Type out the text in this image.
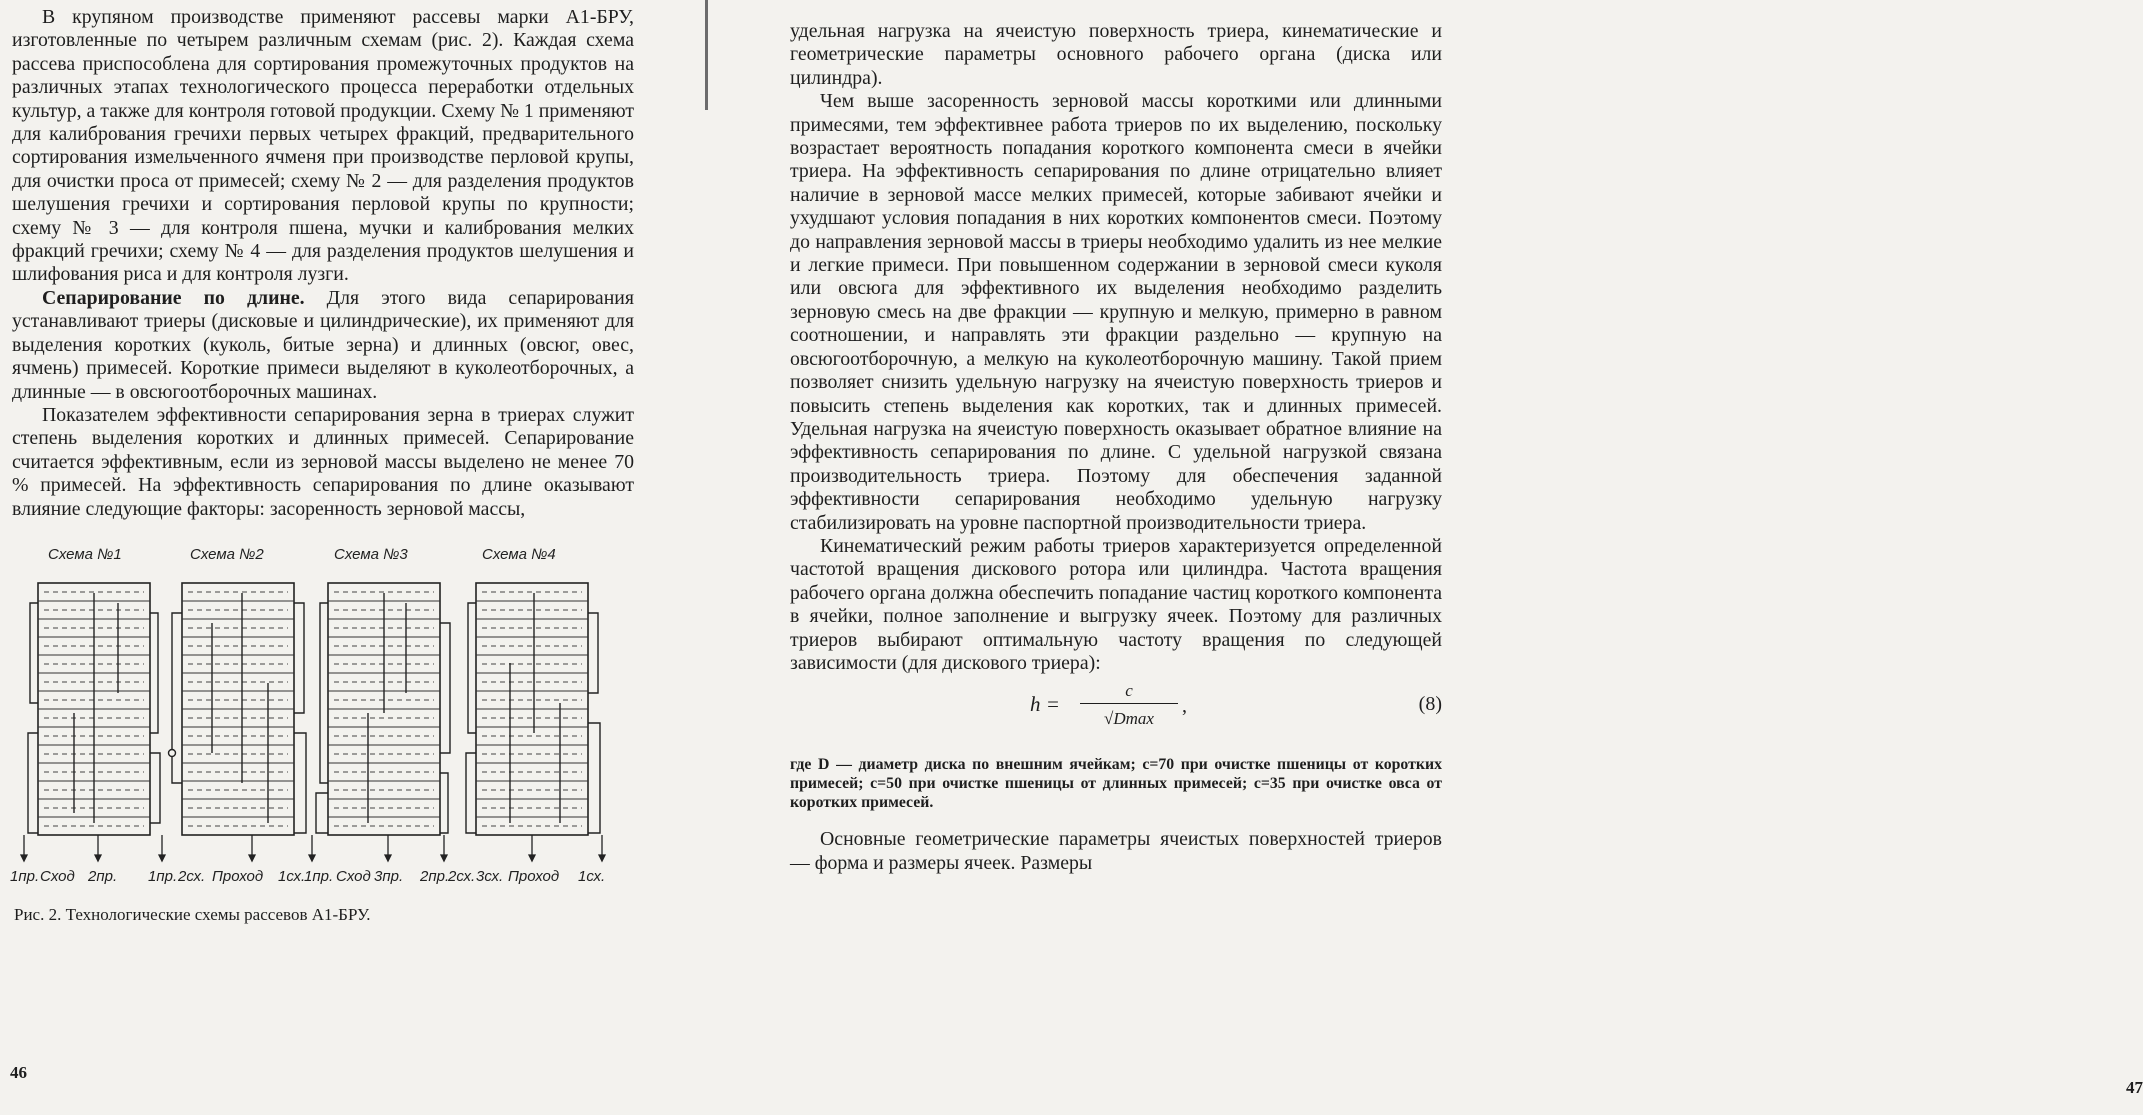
В крупяном производстве применяют рассевы марки А1-БРУ, изготовленные по четырем различным схемам (рис. 2). Каждая схема рассева приспособлена для сортирования промежуточных продуктов на различных этапах технологического процесса переработки отдельных культур, а также для контроля готовой продукции. Схему № 1 применяют для калибрования гречихи первых четырех фракций, предварительного сортирования измельченного ячменя при производстве перловой крупы, для очистки проса от примесей; схему № 2 — для разделения продуктов шелушения гречихи и сортирования перловой крупы по крупности; схему № 3 — для контроля пшена, мучки и калибрования мелких фракций гречихи; схему № 4 — для разделения продуктов шелушения и шлифования риса и для контроля лузги.

Сепарирование по длине. Для этого вида сепарирования устанавливают триеры (дисковые и цилиндрические), их применяют для выделения коротких (куколь, битые зерна) и длинных (овсюг, овес, ячмень) примесей. Короткие примеси выделяют в куколеотборочных, а длинные — в овсюгоотборочных машинах.

Показателем эффективности сепарирования зерна в триерах служит степень выделения коротких и длинных примесей. Сепарирование считается эффективным, если из зерновой массы выделено не менее 70 % примесей. На эффективность сепарирования по длине оказывают влияние следующие факторы: засоренность зерновой массы,

Схема №1	Схема №2	Схема №3	Схема №4
1пр. Сход 2пр. 1пр. 2сх. Проход 1сх.
1пр. Сход 3пр. 2пр.
2сх. 3сх. Проход 1сх.
Рис. 2. Технологические схемы рассевов А1-БРУ.
46

удельная нагрузка на ячеистую поверхность триера, кинематические и геометрические параметры основного рабочего органа (диска или цилиндра).

Чем выше засоренность зерновой массы короткими или длинными примесями, тем эффективнее работа триеров по их выделению, поскольку возрастает вероятность попадания короткого компонента смеси в ячейки триера. На эффективность сепарирования по длине отрицательно влияет наличие в зерновой массе мелких примесей, которые забивают ячейки и ухудшают условия попадания в них коротких компонентов смеси. Поэтому до направления зерновой массы в триеры необходимо удалить из нее мелкие и легкие примеси. При повышенном содержании в зерновой смеси куколя или овсюга для эффективного их выделения необходимо разделить зерновую смесь на две фракции — крупную и мелкую, примерно в равном соотношении, и направлять эти фракции раздельно — крупную на овсюгоотборочную, а мелкую на куколеотборочную машину. Такой прием позволяет снизить удельную нагрузку на ячеистую поверхность триеров и повысить степень выделения как коротких, так и длинных примесей. Удельная нагрузка на ячеистую поверхность оказывает обратное влияние на эффективность сепарирования по длине. С удельной нагрузкой связана производительность триера. Поэтому для обеспечения заданной эффективности сепарирования необходимо удельную нагрузку стабилизировать на уровне паспортной производительности триера.

Кинематический режим работы триеров характеризуется определенной частотой вращения дискового ротора или цилиндра. Частота вращения рабочего органа должна обеспечить попадание частиц короткого компонента в ячейки, полное заполнение и выгрузку ячеек. Поэтому для различных триеров выбирают оптимальную частоту вращения по следующей зависимости (для дискового триера):

h =
c
√Dmax
,	(8)

где D — диаметр диска по внешним ячейкам; c=70 при очистке пшеницы от коротких примесей; c=50 при очистке пшеницы от длинных примесей; c=35 при очистке овса от коротких примесей.

Основные геометрические параметры ячеистых поверхностей триеров — форма и размеры ячеек. Размеры

47
